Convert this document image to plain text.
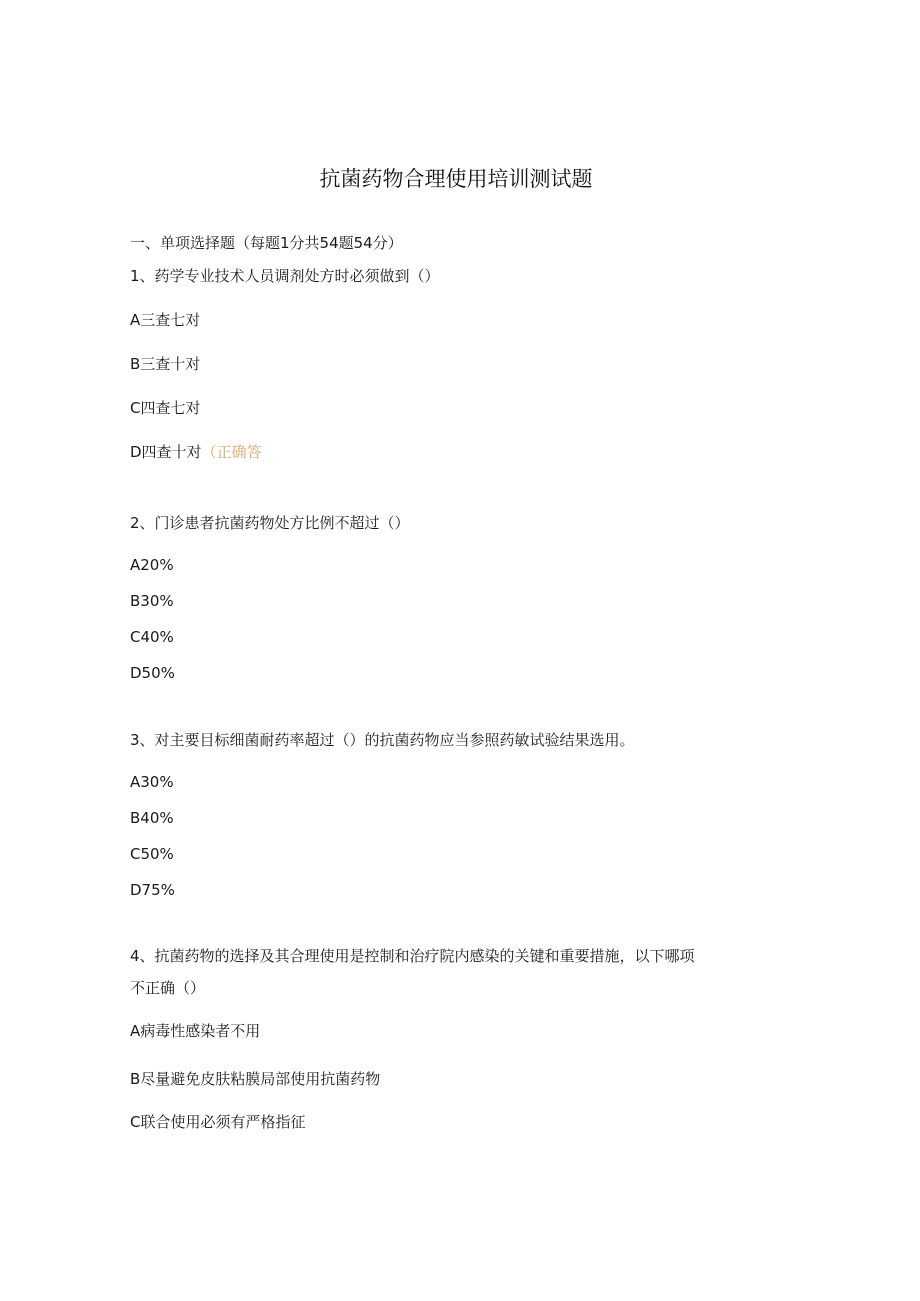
抗菌药物合理使用培训测试题
一、单项选择题（每题1分共54题54分）
1、药学专业技术人员调剂处方时必须做到（）
A三查七对
B三查十对
C四查七对
D四查十对（正确答
2、门诊患者抗菌药物处方比例不超过（）
A20%
B30%
C40%
D50%
3、对主要目标细菌耐药率超过（）的抗菌药物应当参照药敏试验结果选用。
A30%
B40%
C50%
D75%
4、抗菌药物的选择及其合理使用是控制和治疗院内感染的关键和重要措施，以下哪项
不正确（）
A病毒性感染者不用
B尽量避免皮肤粘膜局部使用抗菌药物
C联合使用必须有严格指征
